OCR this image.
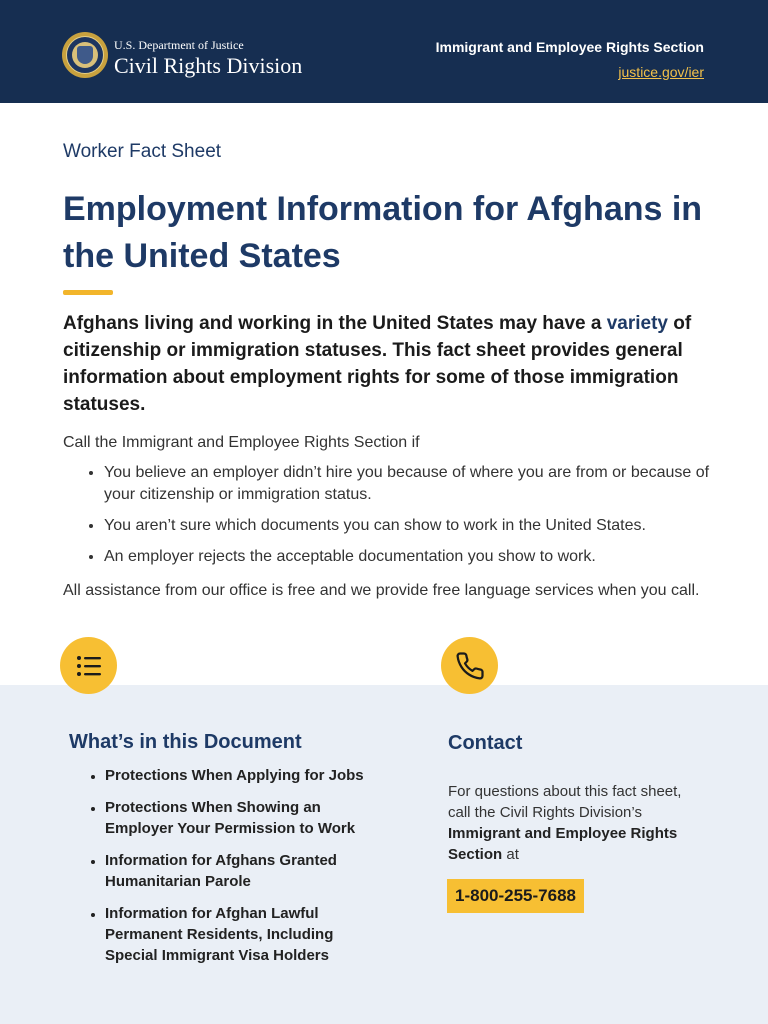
U.S. Department of Justice
Civil Rights Division
Immigrant and Employee Rights Section
justice.gov/ier
Worker Fact Sheet
Employment Information for Afghans in the United States
Afghans living and working in the United States may have a variety of citizenship or immigration statuses. This fact sheet provides general information about employment rights for some of those immigration statuses.
Call the Immigrant and Employee Rights Section if
• You believe an employer didn’t hire you because of where you are from or because of your citizenship or immigration status.
• You aren’t sure which documents you can show to work in the United States.
• An employer rejects the acceptable documentation you show to work.
All assistance from our office is free and we provide free language services when you call.
What’s in this Document
• Protections When Applying for Jobs
• Protections When Showing an Employer Your Permission to Work
• Information for Afghans Granted Humanitarian Parole
• Information for Afghan Lawful Permanent Residents, Including Special Immigrant Visa Holders
Contact
For questions about this fact sheet, call the Civil Rights Division’s Immigrant and Employee Rights Section at
1-800-255-7688
